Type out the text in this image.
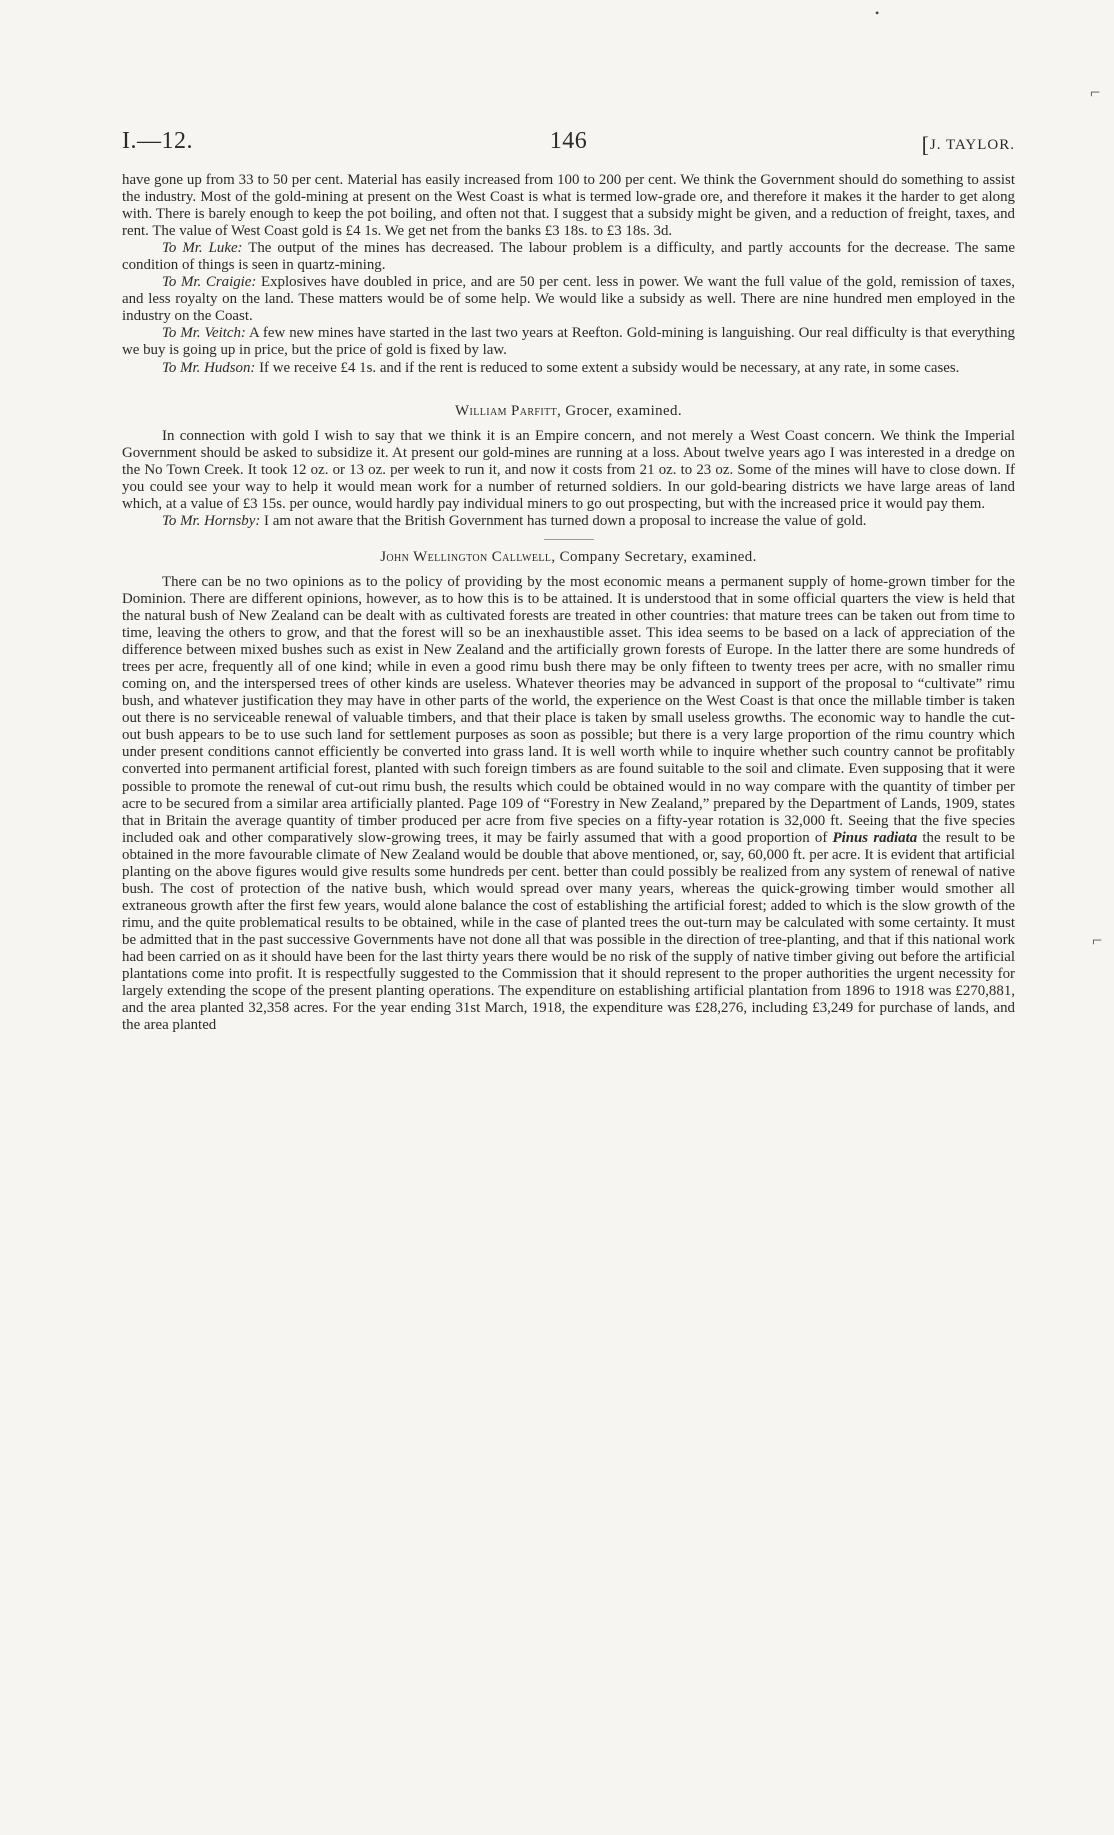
•
⌐
⌐
I.—12.	146	[J. TAYLOR.

have gone up from 33 to 50 per cent. Material has easily increased from 100 to 200 per cent. We think the Government should do something to assist the industry. Most of the gold-mining at present on the West Coast is what is termed low-grade ore, and therefore it makes it the harder to get along with. There is barely enough to keep the pot boiling, and often not that. I suggest that a subsidy might be given, and a reduction of freight, taxes, and rent. The value of West Coast gold is £4 1s. We get net from the banks £3 18s. to £3 18s. 3d.

To Mr. Luke: The output of the mines has decreased. The labour problem is a difficulty, and partly accounts for the decrease. The same condition of things is seen in quartz-mining.

To Mr. Craigie: Explosives have doubled in price, and are 50 per cent. less in power. We want the full value of the gold, remission of taxes, and less royalty on the land. These matters would be of some help. We would like a subsidy as well. There are nine hundred men employed in the industry on the Coast.

To Mr. Veitch: A few new mines have started in the last two years at Reefton. Gold-mining is languishing. Our real difficulty is that everything we buy is going up in price, but the price of gold is fixed by law.

To Mr. Hudson: If we receive £4 1s. and if the rent is reduced to some extent a subsidy would be necessary, at any rate, in some cases.

William Parfitt, Grocer, examined.

In connection with gold I wish to say that we think it is an Empire concern, and not merely a West Coast concern. We think the Imperial Government should be asked to subsidize it. At present our gold-mines are running at a loss. About twelve years ago I was interested in a dredge on the No Town Creek. It took 12 oz. or 13 oz. per week to run it, and now it costs from 21 oz. to 23 oz. Some of the mines will have to close down. If you could see your way to help it would mean work for a number of returned soldiers. In our gold-bearing districts we have large areas of land which, at a value of £3 15s. per ounce, would hardly pay individual miners to go out prospecting, but with the increased price it would pay them.

To Mr. Hornsby: I am not aware that the British Government has turned down a proposal to increase the value of gold.

John Wellington Callwell, Company Secretary, examined.

There can be no two opinions as to the policy of providing by the most economic means a permanent supply of home-grown timber for the Dominion. There are different opinions, however, as to how this is to be attained. It is understood that in some official quarters the view is held that the natural bush of New Zealand can be dealt with as cultivated forests are treated in other countries: that mature trees can be taken out from time to time, leaving the others to grow, and that the forest will so be an inexhaustible asset. This idea seems to be based on a lack of appreciation of the difference between mixed bushes such as exist in New Zealand and the artificially grown forests of Europe. In the latter there are some hundreds of trees per acre, frequently all of one kind; while in even a good rimu bush there may be only fifteen to twenty trees per acre, with no smaller rimu coming on, and the interspersed trees of other kinds are useless. Whatever theories may be advanced in support of the proposal to “cultivate” rimu bush, and whatever justification they may have in other parts of the world, the experience on the West Coast is that once the millable timber is taken out there is no serviceable renewal of valuable timbers, and that their place is taken by small useless growths. The economic way to handle the cut-out bush appears to be to use such land for settlement purposes as soon as possible; but there is a very large proportion of the rimu country which under present conditions cannot efficiently be converted into grass land. It is well worth while to inquire whether such country cannot be profitably converted into permanent artificial forest, planted with such foreign timbers as are found suitable to the soil and climate. Even supposing that it were possible to promote the renewal of cut-out rimu bush, the results which could be obtained would in no way compare with the quantity of timber per acre to be secured from a similar area artificially planted. Page 109 of “Forestry in New Zealand,” prepared by the Department of Lands, 1909, states that in Britain the average quantity of timber produced per acre from five species on a fifty-year rotation is 32,000 ft. Seeing that the five species included oak and other comparatively slow-growing trees, it may be fairly assumed that with a good proportion of Pinus radiata the result to be obtained in the more favourable climate of New Zealand would be double that above mentioned, or, say, 60,000 ft. per acre. It is evident that artificial planting on the above figures would give results some hundreds per cent. better than could possibly be realized from any system of renewal of native bush. The cost of protection of the native bush, which would spread over many years, whereas the quick-growing timber would smother all extraneous growth after the first few years, would alone balance the cost of establishing the artificial forest; added to which is the slow growth of the rimu, and the quite problematical results to be obtained, while in the case of planted trees the out-turn may be calculated with some certainty. It must be admitted that in the past successive Governments have not done all that was possible in the direction of tree-planting, and that if this national work had been carried on as it should have been for the last thirty years there would be no risk of the supply of native timber giving out before the artificial plantations come into profit. It is respectfully suggested to the Commission that it should represent to the proper authorities the urgent necessity for largely extending the scope of the present planting operations. The expenditure on establishing artificial plantation from 1896 to 1918 was £270,881, and the area planted 32,358 acres. For the year ending 31st March, 1918, the expenditure was £28,276, including £3,249 for purchase of lands, and the area planted
